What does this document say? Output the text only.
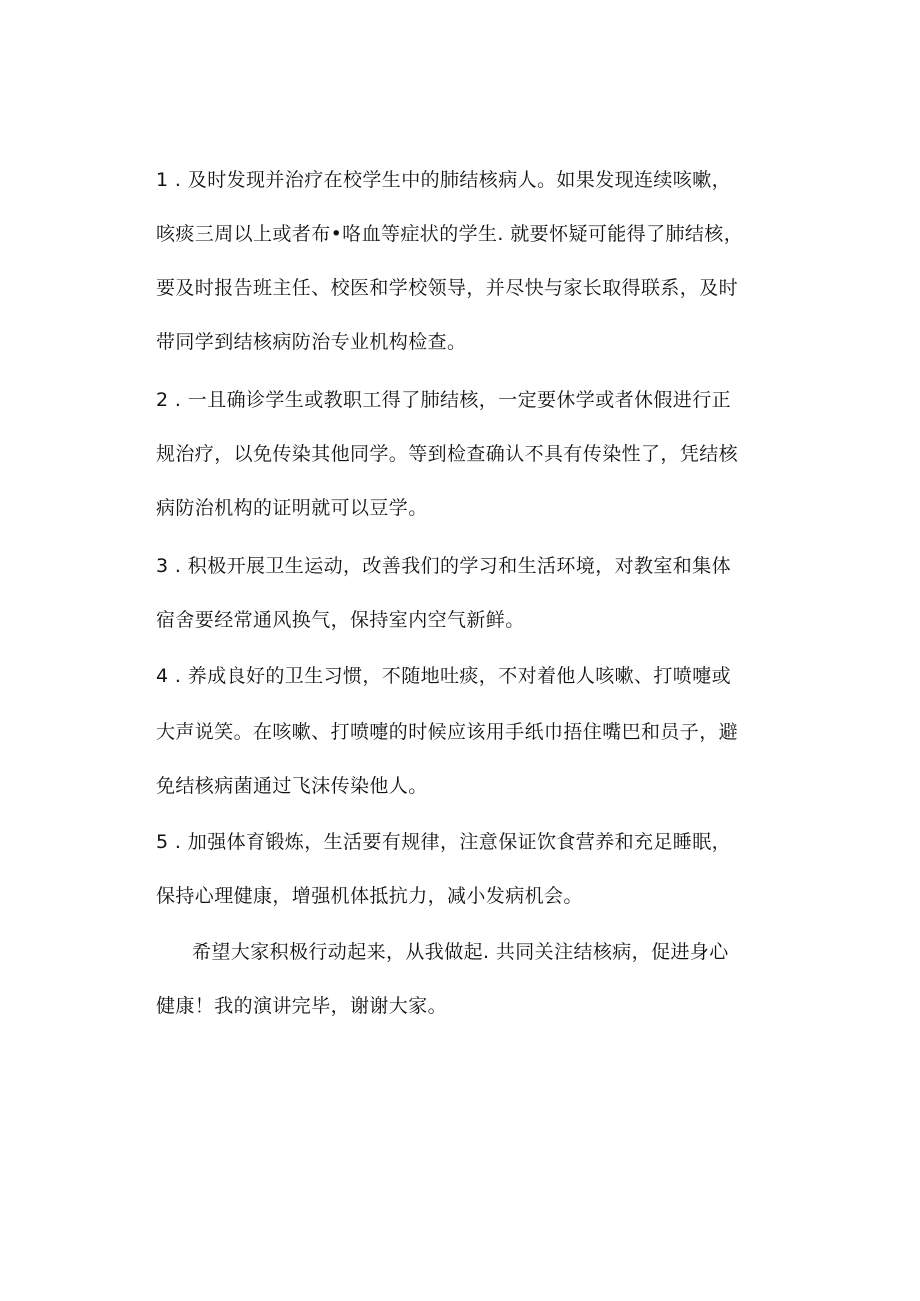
1 . 及时发现并治疗在校学生中的肺结核病人。如果发现连续咳嗽，
咳痰三周以上或者布•咯血等症状的学生. 就要怀疑可能得了肺结核，
要及时报告班主任、校医和学校领导，并尽快与家长取得联系，及时
带同学到结核病防治专业机构检查。
2 . 一且确诊学生或教职工得了肺结核，一定要休学或者休假进行正
规治疗，以免传染其他同学。等到检查确认不具有传染性了，凭结核
病防治机构的证明就可以豆学。
3 . 积极开展卫生运动，改善我们的学习和生活环境，对教室和集体
宿舍要经常通风换气，保持室内空气新鲜。
4 . 养成良好的卫生习惯，不随地吐痰，不对着他人咳嗽、打喷嚏或
大声说笑。在咳嗽、打喷嚏的时候应该用手纸巾捂住嘴巴和员子，避
免结核病菌通过飞沫传染他人。
5 . 加强体育锻炼，生活要有规律，注意保证饮食营养和充足睡眠，
保持心理健康，增强机体抵抗力，减小发病机会。
希望大家积极行动起来，从我做起. 共同关注结核病，促进身心
健康！我的演讲完毕，谢谢大家。
